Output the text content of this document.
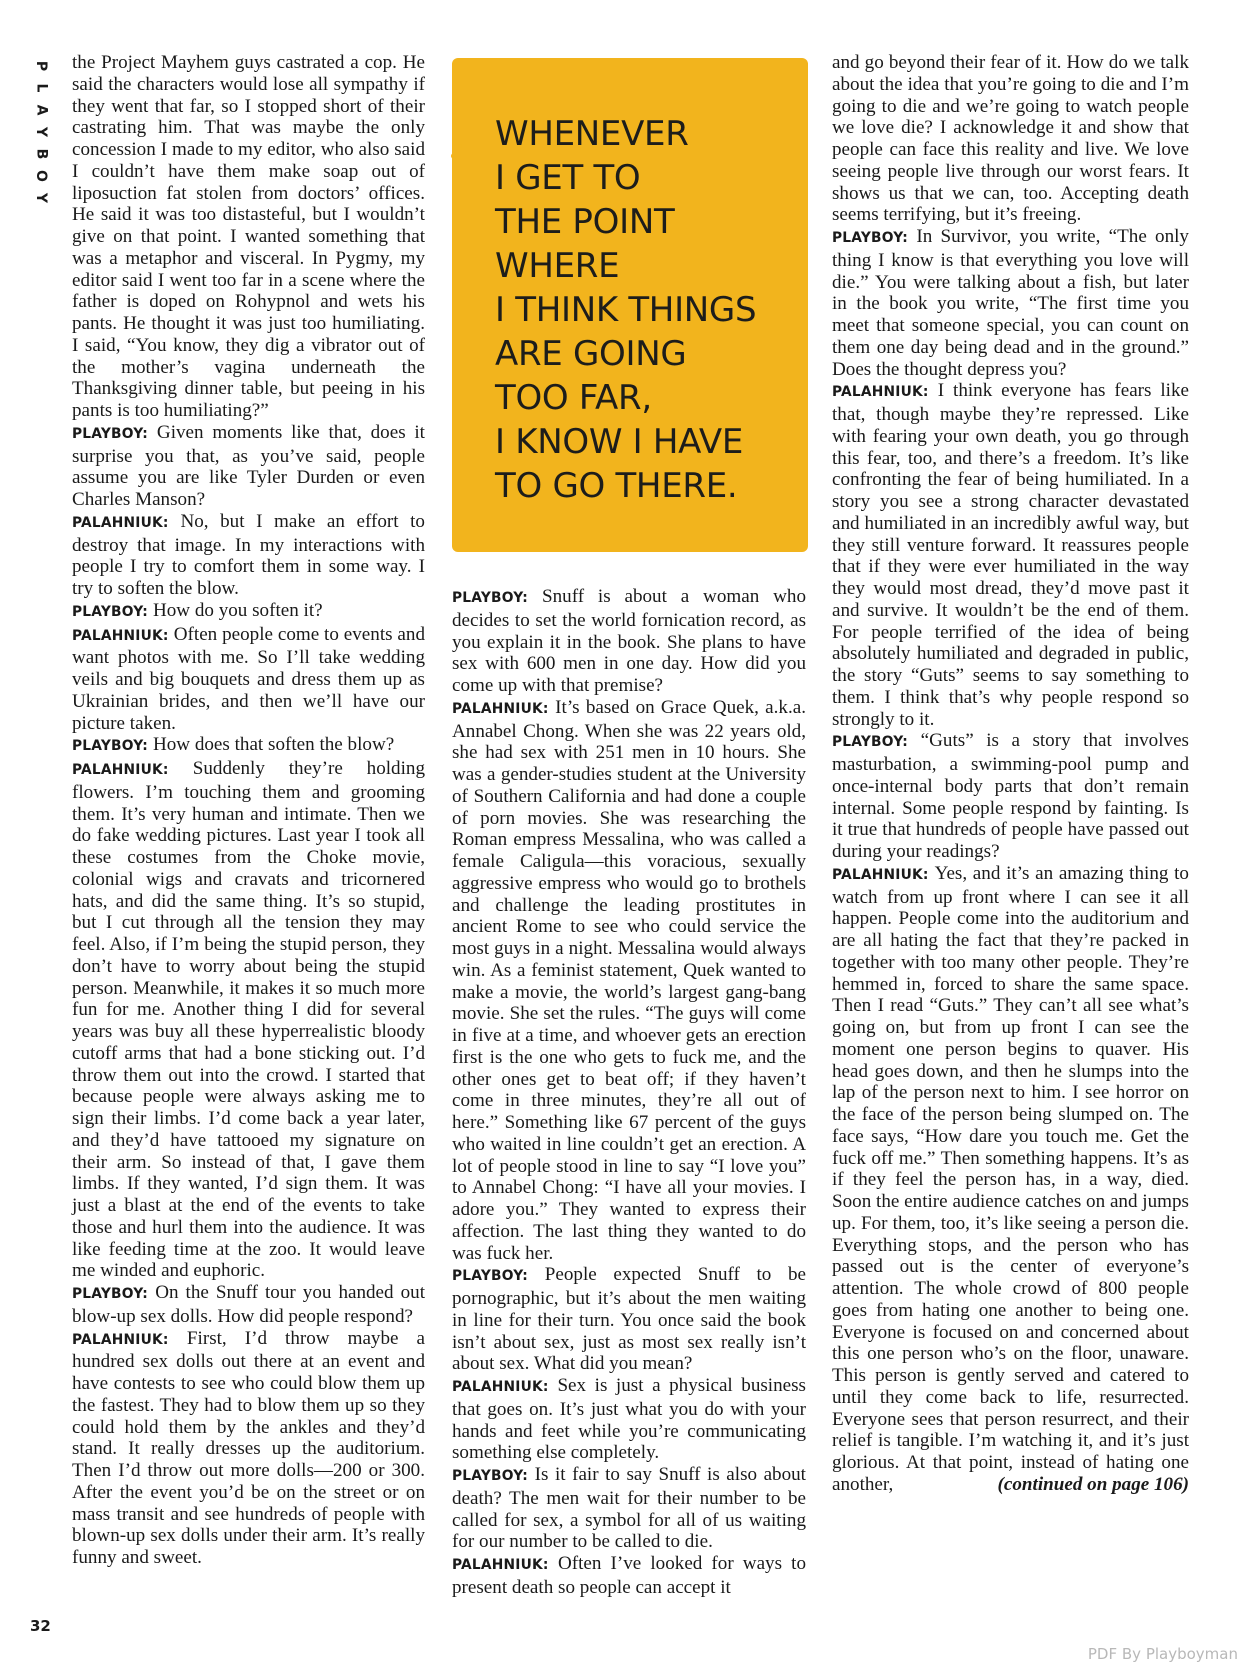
P
L
A
Y
B
O
Y

the Project Mayhem guys castrated a cop. He said the characters would lose all sympathy if they went that far, so I stopped short of their castrating him. That was maybe the only concession I made to my editor, who also said I couldn’t have them make soap out of liposuction fat stolen from doctors’ offices. He said it was too distasteful, but I wouldn’t give on that point. I wanted something that was a metaphor and visceral. In Pygmy, my editor said I went too far in a scene where the father is doped on Rohypnol and wets his pants. He thought it was just too humiliating. I said, “You know, they dig a vibrator out of the mother’s vagina underneath the Thanksgiving dinner table, but peeing in his pants is too humiliating?”

PLAYBOY: Given moments like that, does it surprise you that, as you’ve said, people assume you are like Tyler Durden or even Charles Manson?

PALAHNIUK: No, but I make an effort to destroy that image. In my interactions with people I try to comfort them in some way. I try to soften the blow.

PLAYBOY: How do you soften it?

PALAHNIUK: Often people come to events and want photos with me. So I’ll take wedding veils and big bouquets and dress them up as Ukrainian brides, and then we’ll have our picture taken.

PLAYBOY: How does that soften the blow?

PALAHNIUK: Suddenly they’re holding flowers. I’m touching them and grooming them. It’s very human and intimate. Then we do fake wedding pictures. Last year I took all these costumes from the Choke movie, colonial wigs and cravats and tricornered hats, and did the same thing. It’s so stupid, but I cut through all the tension they may feel. Also, if I’m being the stupid person, they don’t have to worry about being the stupid person. Meanwhile, it makes it so much more fun for me. Another thing I did for several years was buy all these hyperrealistic bloody cutoff arms that had a bone sticking out. I’d throw them out into the crowd. I started that because people were always asking me to sign their limbs. I’d come back a year later, and they’d have tattooed my signature on their arm. So instead of that, I gave them limbs. If they wanted, I’d sign them. It was just a blast at the end of the events to take those and hurl them into the audience. It was like feeding time at the zoo. It would leave me winded and euphoric.

PLAYBOY: On the Snuff tour you handed out blow-up sex dolls. How did people respond?

PALAHNIUK: First, I’d throw maybe a hundred sex dolls out there at an event and have contests to see who could blow them up the fastest. They had to blow them up so they could hold them by the ankles and they’d stand. It really dresses up the auditorium. Then I’d throw out more dolls—200 or 300. After the event you’d be on the street or on mass transit and see hundreds of people with blown-up sex dolls under their arm. It’s really funny and sweet.

WHENEVER
I GET TO
THE POINT
WHERE
I THINK THINGS
ARE GOING
TOO FAR,
I KNOW I HAVE
TO GO THERE.

PLAYBOY: Snuff is about a woman who decides to set the world fornication record, as you explain it in the book. She plans to have sex with 600 men in one day. How did you come up with that premise?

PALAHNIUK: It’s based on Grace Quek, a.k.a. Annabel Chong. When she was 22 years old, she had sex with 251 men in 10 hours. She was a gender-studies student at the University of Southern California and had done a couple of porn movies. She was researching the Roman empress Messalina, who was called a female Caligula—this voracious, sexually aggressive empress who would go to brothels and challenge the leading prostitutes in ancient Rome to see who could service the most guys in a night. Messalina would always win. As a feminist statement, Quek wanted to make a movie, the world’s largest gang-bang movie. She set the rules. “The guys will come in five at a time, and whoever gets an erection first is the one who gets to fuck me, and the other ones get to beat off; if they haven’t come in three minutes, they’re all out of here.” Something like 67 percent of the guys who waited in line couldn’t get an erection. A lot of people stood in line to say “I love you” to Annabel Chong: “I have all your movies. I adore you.” They wanted to express their affection. The last thing they wanted to do was fuck her.

PLAYBOY: People expected Snuff to be pornographic, but it’s about the men waiting in line for their turn. You once said the book isn’t about sex, just as most sex really isn’t about sex. What did you mean?

PALAHNIUK: Sex is just a physical business that goes on. It’s just what you do with your hands and feet while you’re communicating something else completely.

PLAYBOY: Is it fair to say Snuff is also about death? The men wait for their number to be called for sex, a symbol for all of us waiting for our number to be called to die.

PALAHNIUK: Often I’ve looked for ways to present death so people can accept it

and go beyond their fear of it. How do we talk about the idea that you’re going to die and I’m going to die and we’re going to watch people we love die? I acknowledge it and show that people can face this reality and live. We love seeing people live through our worst fears. It shows us that we can, too. Accepting death seems terrifying, but it’s freeing.

PLAYBOY: In Survivor, you write, “The only thing I know is that everything you love will die.” You were talking about a fish, but later in the book you write, “The first time you meet that someone special, you can count on them one day being dead and in the ground.” Does the thought depress you?

PALAHNIUK: I think everyone has fears like that, though maybe they’re repressed. Like with fearing your own death, you go through this fear, too, and there’s a freedom. It’s like confronting the fear of being humiliated. In a story you see a strong character devastated and humiliated in an incredibly awful way, but they still venture forward. It reassures people that if they were ever humiliated in the way they would most dread, they’d move past it and survive. It wouldn’t be the end of them. For people terrified of the idea of being absolutely humiliated and degraded in public, the story “Guts” seems to say something to them. I think that’s why people respond so strongly to it.

PLAYBOY: “Guts” is a story that involves masturbation, a swimming-pool pump and once-internal body parts that don’t remain internal. Some people respond by fainting. Is it true that hundreds of people have passed out during your readings?

PALAHNIUK: Yes, and it’s an amazing thing to watch from up front where I can see it all happen. People come into the auditorium and are all hating the fact that they’re packed in together with too many other people. They’re hemmed in, forced to share the same space. Then I read “Guts.” They can’t all see what’s going on, but from up front I can see the moment one person begins to quaver. His head goes down, and then he slumps into the lap of the person next to him. I see horror on the face of the person being slumped on. The face says, “How dare you touch me. Get the fuck off me.” Then something happens. It’s as if they feel the person has, in a way, died. Soon the entire audience catches on and jumps up. For them, too, it’s like seeing a person die. Everything stops, and the person who has passed out is the center of everyone’s attention. The whole crowd of 800 people goes from hating one another to being one. Everyone is focused on and concerned about this one person who’s on the floor, unaware. This person is gently served and catered to until they come back to life, resurrected. Everyone sees that person resurrect, and their relief is tangible. I’m watching it, and it’s just glorious. At that point, instead of hating one another,	(continued on page 106)

32
PDF By Playboyman
